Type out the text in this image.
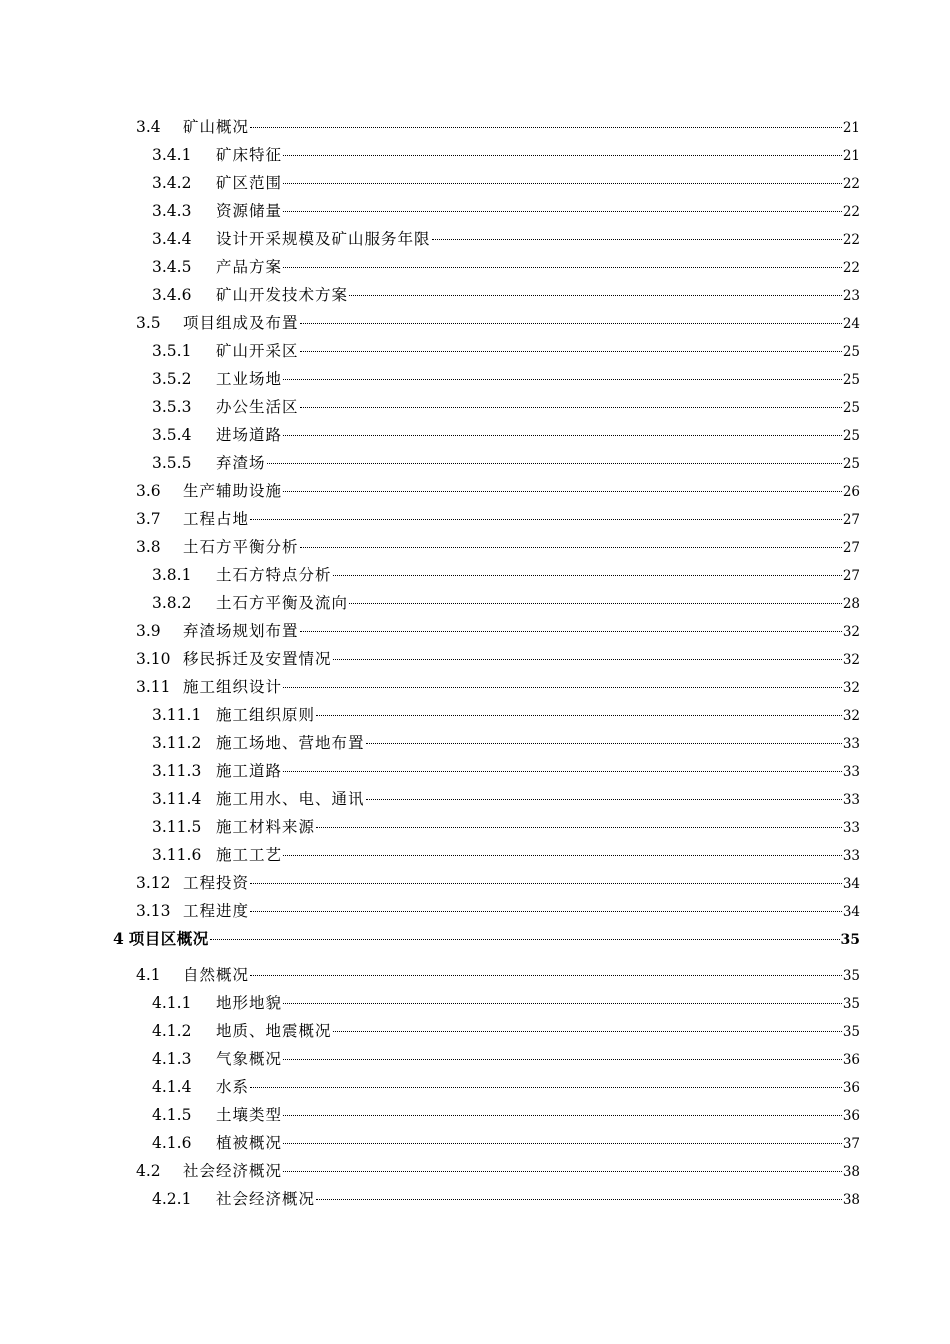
3.4	矿山概况	21
3.4.1	矿床特征	21
3.4.2	矿区范围	22
3.4.3	资源储量	22
3.4.4	设计开采规模及矿山服务年限	22
3.4.5	产品方案	22
3.4.6	矿山开发技术方案	23
3.5	项目组成及布置	24
3.5.1	矿山开采区	25
3.5.2	工业场地	25
3.5.3	办公生活区	25
3.5.4	进场道路	25
3.5.5	弃渣场	25
3.6	生产辅助设施	26
3.7	工程占地	27
3.8	土石方平衡分析	27
3.8.1	土石方特点分析	27
3.8.2	土石方平衡及流向	28
3.9	弃渣场规划布置	32
3.10 移民拆迁及安置情况	32
3.11 施工组织设计	32
3.11.1 施工组织原则	32
3.11.2 施工场地、营地布置	33
3.11.3 施工道路	33
3.11.4 施工用水、电、通讯	33
3.11.5 施工材料来源	33
3.11.6 施工工艺	33
3.12 工程投资	34
3.13 工程进度	34
4 项目区概况	35
4.1	自然概况	35
4.1.1	地形地貌	35
4.1.2	地质、地震概况	35
4.1.3	气象概况	36
4.1.4	水系	36
4.1.5	土壤类型	36
4.1.6	植被概况	37
4.2	社会经济概况	38
4.2.1	社会经济概况	38
